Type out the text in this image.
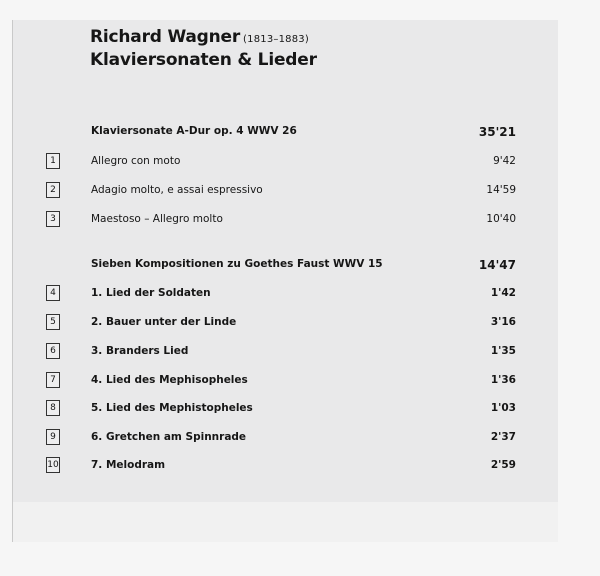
Richard Wagner (1813–1883)
Klaviersonaten & Lieder
Klaviersonate A-Dur op. 4 WWV 26	35'21
1	Allegro con moto	9'42
2	Adagio molto, e assai espressivo	14'59
3	Maestoso – Allegro molto	10'40
Sieben Kompositionen zu Goethes Faust WWV 15	14'47
4	1. Lied der Soldaten	1'42
5	2. Bauer unter der Linde	3'16
6	3. Branders Lied	1'35
7	4. Lied des Mephisopheles	1'36
8	5. Lied des Mephistopheles	1'03
9	6. Gretchen am Spinnrade	2'37
10	7. Melodram	2'59
